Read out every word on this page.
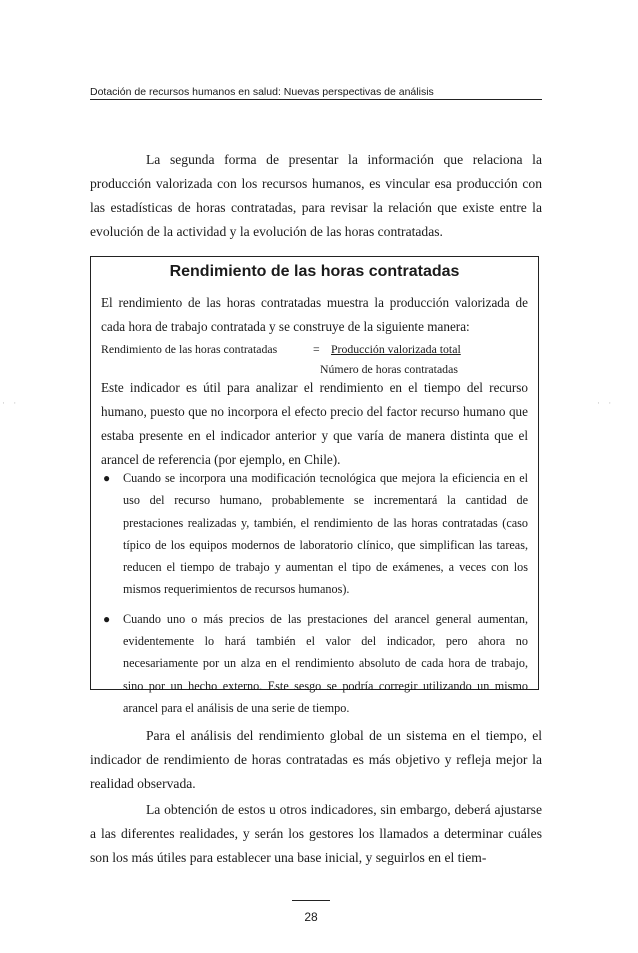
Dotación de recursos humanos en salud: Nuevas perspectivas de análisis

La segunda forma de presentar la información que relaciona la producción valorizada con los recursos humanos, es vincular esa producción con las estadísticas de horas contratadas, para revisar la relación que existe entre la evolución de la actividad y la evolución de las horas contratadas.

Rendimiento de las horas contratadas

El rendimiento de las horas contratadas muestra la producción valorizada de cada hora de trabajo contratada y se construye de la siguiente manera:

Rendimiento de las horas contratadas	= Producción valorizada total
Número de horas contratadas

Este indicador es útil para analizar el rendimiento en el tiempo del recurso humano, puesto que no incorpora el efecto precio del factor recurso humano que estaba presente en el indicador anterior y que varía de manera distinta que el arancel de referencia (por ejemplo, en Chile).

● Cuando se incorpora una modificación tecnológica que mejora la eficiencia en el uso del recurso humano, probablemente se incrementará la cantidad de prestaciones realizadas y, también, el rendimiento de las horas contratadas (caso típico de los equipos modernos de laboratorio clínico, que simplifican las tareas, reducen el tiempo de trabajo y aumentan el tipo de exámenes, a veces con los mismos requerimientos de recursos humanos).
● Cuando uno o más precios de las prestaciones del arancel general aumentan, evidentemente lo hará también el valor del indicador, pero ahora no necesariamente por un alza en el rendimiento absoluto de cada hora de trabajo, sino por un hecho externo. Este sesgo se podría corregir utilizando un mismo arancel para el análisis de una serie de tiempo.

Para el análisis del rendimiento global de un sistema en el tiempo, el indicador de rendimiento de horas contratadas es más objetivo y refleja mejor la realidad observada.

La obtención de estos u otros indicadores, sin embargo, deberá ajustarse a las diferentes realidades, y serán los gestores los llamados a determinar cuáles son los más útiles para establecer una base inicial, y seguirlos en el tiem-

28
· ·	· ·
